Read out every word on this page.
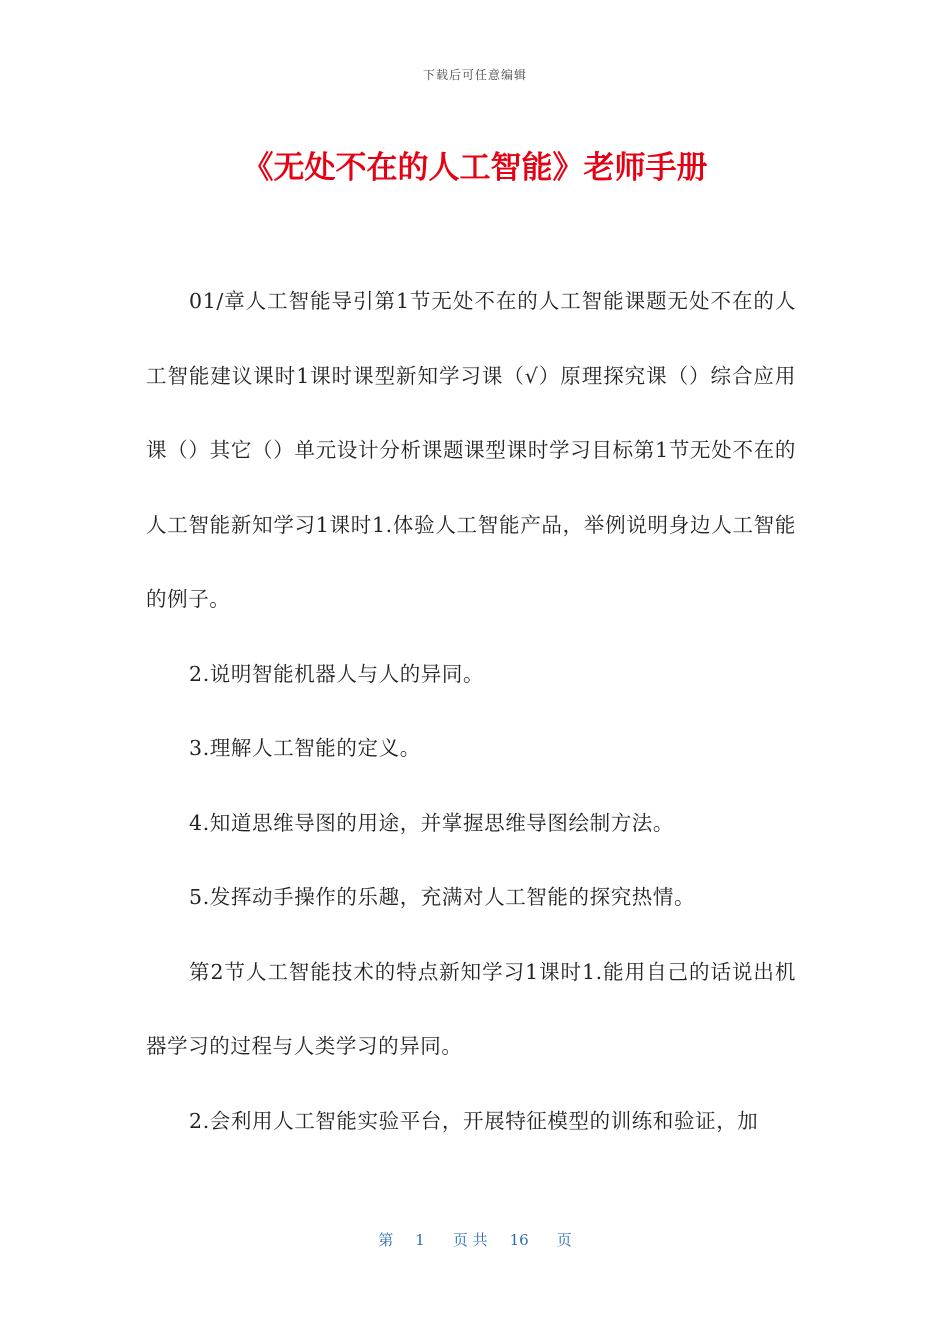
下载后可任意编辑
《无处不在的人工智能》老师手册

01/章人工智能导引第1节无处不在的人工智能课题无处不在的人工智能建议课时1课时课型新知学习课（√）原理探究课（）综合应用课（）其它（）单元设计分析课题课型课时学习目标第1节无处不在的人工智能新知学习1课时1.体验人工智能产品，举例说明身边人工智能的例子。

2.说明智能机器人与人的异同。

3.理解人工智能的定义。

4.知道思维导图的用途，并掌握思维导图绘制方法。

5.发挥动手操作的乐趣，充满对人工智能的探究热情。

第2节人工智能技术的特点新知学习1课时1.能用自己的话说出机器学习的过程与人类学习的异同。

2.会利用人工智能实验平台，开展特征模型的训练和验证，加

第 1 页 共 16 页
